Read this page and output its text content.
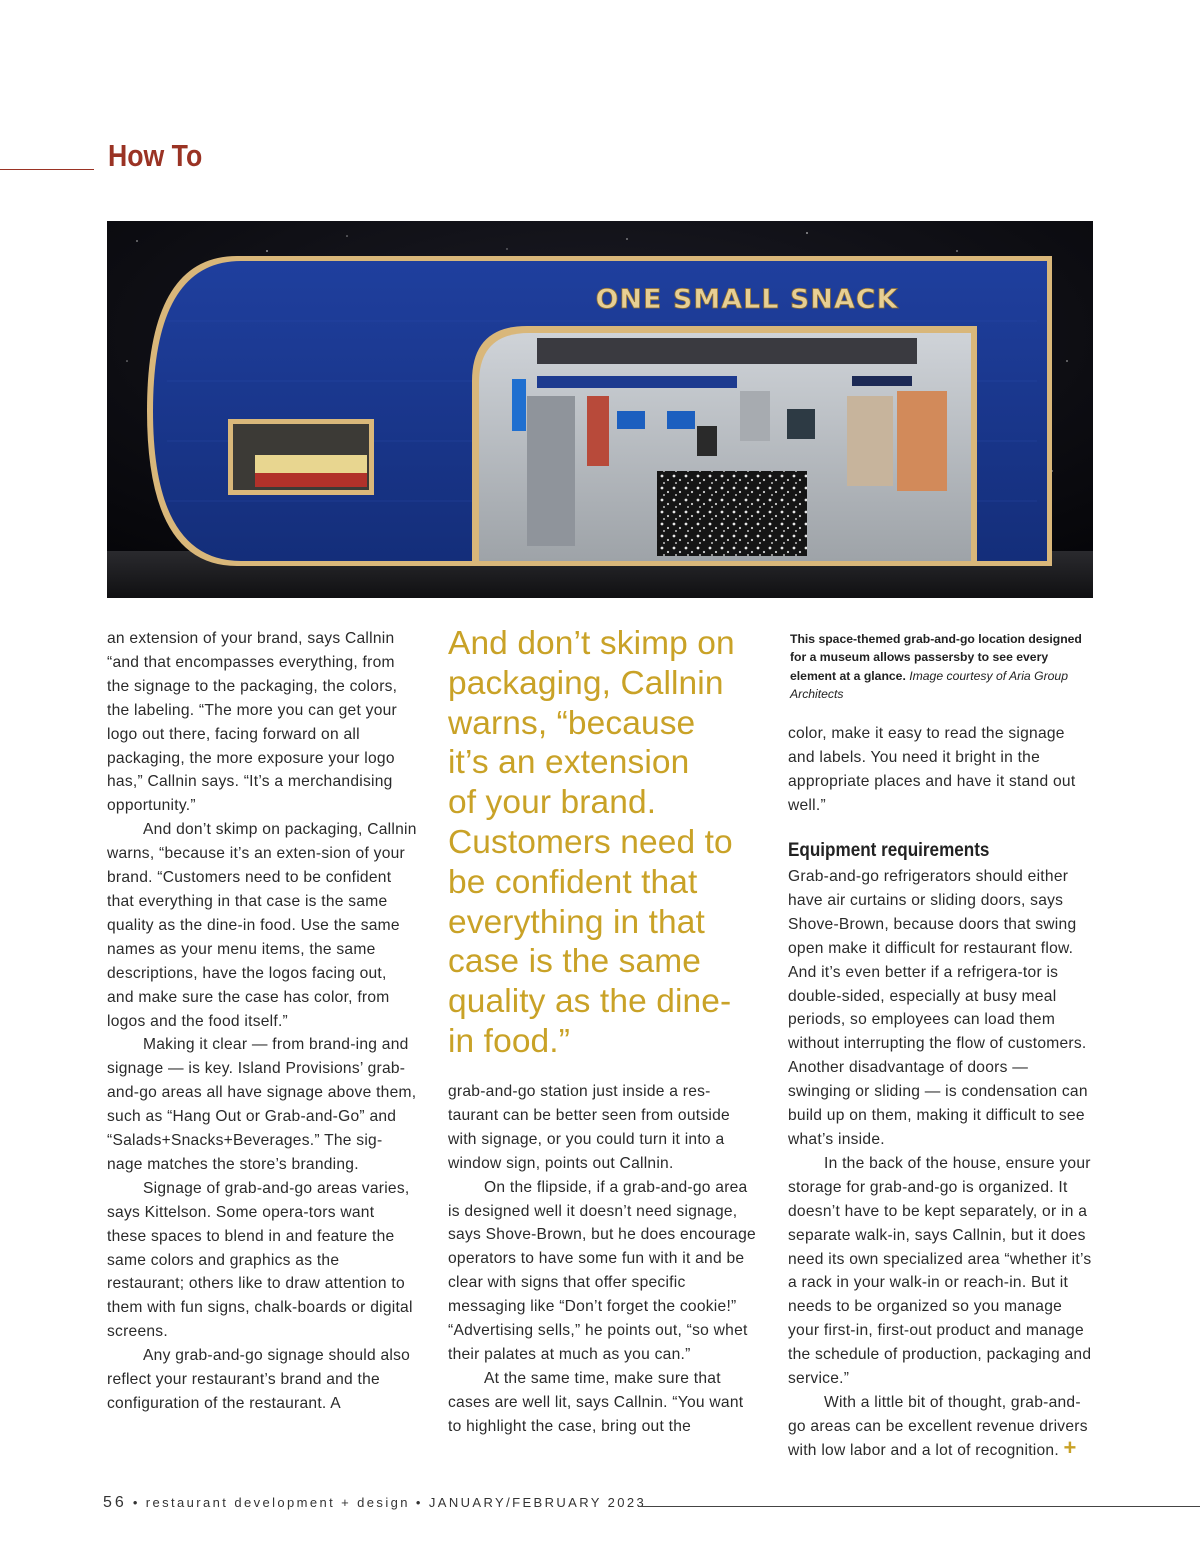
How To
ONE SMALL SNACK

an extension of your brand, says Callnin “and that encompasses everything, from the signage to the packaging, the colors, the labeling. “The more you can get your logo out there, facing forward on all packaging, the more exposure your logo has,” Callnin says. “It’s a merchandising opportunity.”

And don’t skimp on packaging, Callnin warns, “because it’s an exten-sion of your brand. “Customers need to be confident that everything in that case is the same quality as the dine-in food. Use the same names as your menu items, the same descriptions, have the logos facing out, and make sure the case has color, from logos and the food itself.”

Making it clear — from brand-ing and signage — is key. Island Provisions’ grab-and-go areas all have signage above them, such as “Hang Out or Grab-and-Go” and “Salads+Snacks+Beverages.” The sig-nage matches the store’s branding.

Signage of grab-and-go areas varies, says Kittelson. Some opera-tors want these spaces to blend in and feature the same colors and graphics as the restaurant; others like to draw attention to them with fun signs, chalk-boards or digital screens.

Any grab-and-go signage should also reflect your restaurant’s brand and the configuration of the restaurant. A

And don’t skimp on
packaging, Callnin
warns, “because
it’s an extension
of your brand.
Customers need to
be confident that
everything in that
case is the same
quality as the dine-
in food.”

grab-and-go station just inside a res-taurant can be better seen from outside with signage, or you could turn it into a window sign, points out Callnin.

On the flipside, if a grab-and-go area is designed well it doesn’t need signage, says Shove-Brown, but he does encourage operators to have some fun with it and be clear with signs that offer specific messaging like “Don’t forget the cookie!” “Advertising sells,” he points out, “so whet their palates at much as you can.”

At the same time, make sure that cases are well lit, says Callnin. “You want to highlight the case, bring out the

This space-themed grab-and-go location designed for a museum allows passersby to see every element at a glance. Image courtesy of Aria Group Architects

color, make it easy to read the signage and labels. You need it bright in the appropriate places and have it stand out well.”

Equipment requirements

Grab-and-go refrigerators should either have air curtains or sliding doors, says Shove-Brown, because doors that swing open make it difficult for restaurant flow. And it’s even better if a refrigera-tor is double-sided, especially at busy meal periods, so employees can load them without interrupting the flow of customers. Another disadvantage of doors — swinging or sliding — is condensation can build up on them, making it difficult to see what’s inside.

In the back of the house, ensure your storage for grab-and-go is organized. It doesn’t have to be kept separately, or in a separate walk-in, says Callnin, but it does need its own specialized area “whether it’s a rack in your walk-in or reach-in. But it needs to be organized so you manage your first-in, first-out product and manage the schedule of production, packaging and service.”

With a little bit of thought, grab-and-go areas can be excellent revenue drivers with low labor and a lot of recognition. +

56 • restaurant development + design • JANUARY/FEBRUARY 2023
